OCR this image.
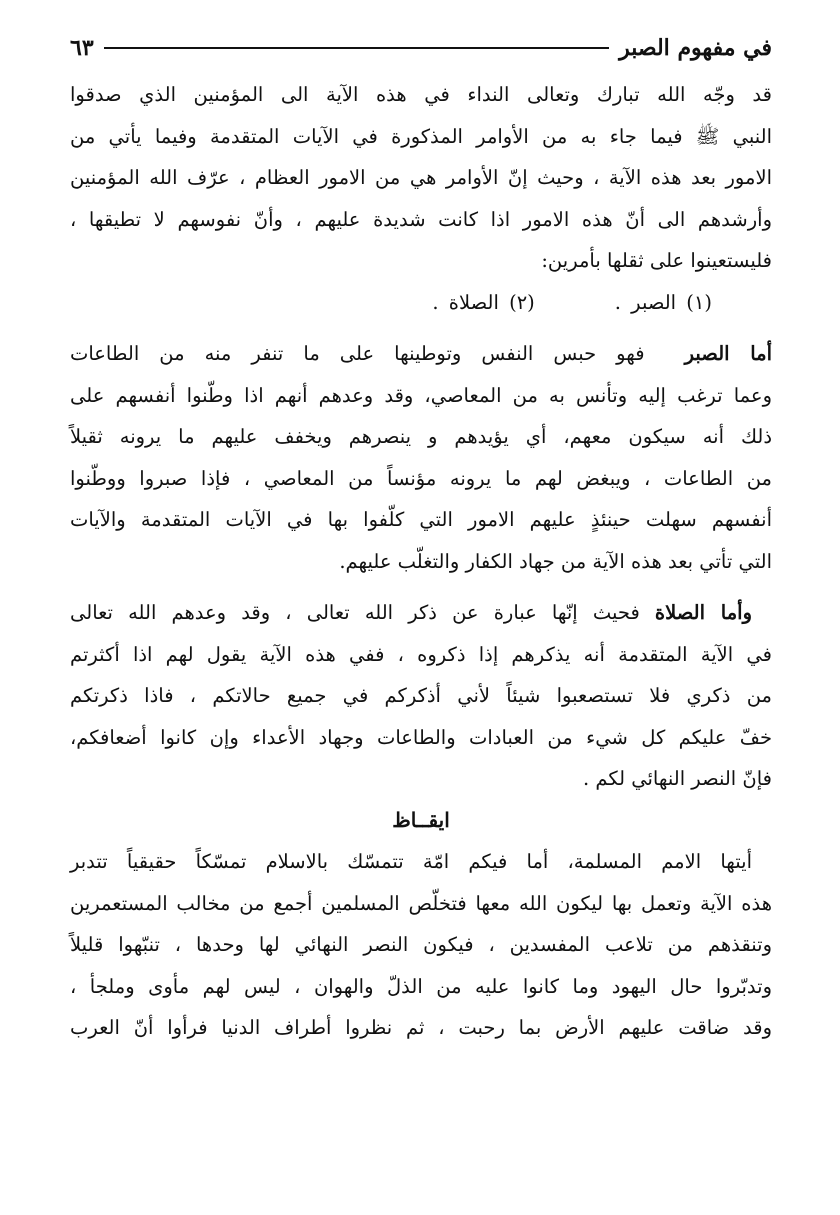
في مفهوم الصبر
٦٣
قد وجّه الله تبارك وتعالى النداء في هذه الآية الى المؤمنين الذي صدقوا
النبي ﷺ فيما جاء به من الأوامر المذكورة في الآيات المتقدمة وفيما يأتي من
الامور بعد هذه الآية ، وحيث إنّ الأوامر هي من الامور العظام ، عرّف الله المؤمنين
وأرشدهم الى أنّ هذه الامور اذا كانت شديدة عليهم ، وأنّ نفوسهم لا تطيقها ،
فليستعينوا على ثقلها بأمرين:
(١) الصبر .(٢) الصلاة .
أما الصبر  فهو حبس النفس وتوطينها على ما تنفر منه من الطاعات
وعما ترغب إليه وتأنس به من المعاصي، وقد وعدهم أنهم اذا وطّنوا أنفسهم على
ذلك أنه سيكون معهم، أي يؤيدهم و ينصرهم ويخفف عليهم ما يرونه ثقيلاً
من الطاعات ، ويبغض لهم ما يرونه مؤنساً من المعاصي ، فإذا صبروا ووطّنوا
أنفسهم سهلت حينئذٍ عليهم الامور التي كلّفوا بها في الآيات المتقدمة والآيات
التي تأتي بعد هذه الآية من جهاد الكفار والتغلّب عليهم.
وأما الصلاة فحيث إنّها عبارة عن ذكر الله تعالى ، وقد وعدهم الله تعالى
في الآية المتقدمة أنه يذكرهم إذا ذكروه ، ففي هذه الآية يقول لهم اذا أكثرتم
من ذكري فلا تستصعبوا شيئاً لأني أذكركم في جميع حالاتكم ، فاذا ذكرتكم
خفّ عليكم كل شيء من العبادات والطاعات وجهاد الأعداء وإن كانوا أضعافكم،
فإنّ النصر النهائي لكم .
ايقــاظ
أيتها الامم المسلمة، أما فيكم امّة تتمسّك بالاسلام تمسّكاً حقيقياً تتدبر
هذه الآية وتعمل بها ليكون الله معها فتخلّص المسلمين أجمع من مخالب المستعمرين
وتنقذهم من تلاعب المفسدين ، فيكون النصر النهائي لها وحدها ، تنبّهوا قليلاً
وتدبّروا حال اليهود وما كانوا عليه من الذلّ والهوان ، ليس لهم مأوى وملجأ ،
وقد ضاقت عليهم الأرض بما رحبت ، ثم نظروا أطراف الدنيا فرأوا أنّ العرب
